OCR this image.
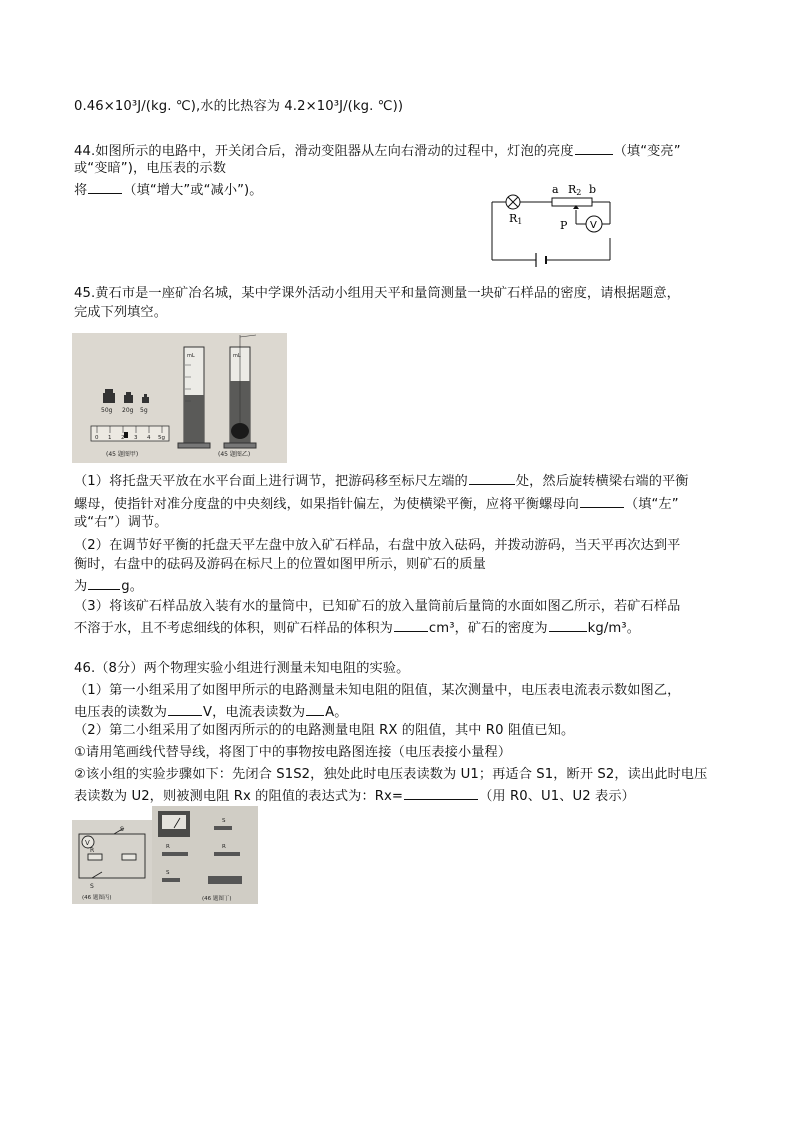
0.46×10³J/(kg. ℃),水的比热容为 4.2×10³J/(kg. ℃))
44.如图所示的电路中，开关闭合后，滑动变阻器从左向右滑动的过程中，灯泡的亮度	（填“变亮”
或“变暗”)，电压表的示数
将	（填“增大”或“减小”)。	a R2 b
R1	P V
45.黄石市是一座矿冶名城，某中学课外活动小组用天平和量筒测量一块矿石样品的密度，请根据题意，
完成下列填空。
50g 20g 5g
0 1 2 3 4 5g
(45 题图甲)
mL	mL
(45 题图乙)
（1）将托盘天平放在水平台面上进行调节，把游码移至标尺左端的	处，然后旋转横梁右端的平衡
螺母，使指针对准分度盘的中央刻线，如果指针偏左，为使横梁平衡，应将平衡螺母向	（填“左”
或“右”）调节。
（2）在调节好平衡的托盘天平左盘中放入矿石样品，右盘中放入砝码，并拨动游码，当天平再次达到平
衡时，右盘中的砝码及游码在标尺上的位置如图甲所示，则矿石的质量
为	g。
（3）将该矿石样品放入装有水的量筒中，已知矿石的放入量筒前后量筒的水面如图乙所示，若矿石样品
不溶于水，且不考虑细线的体积，则矿石样品的体积为	cm³，矿石的密度为	kg/m³。
46.（8分）两个物理实验小组进行测量未知电阻的实验。
（1）第一小组采用了如图甲所示的电路测量未知电阻的阻值，某次测量中，电压表电流表示数如图乙，
电压表的读数为	V，电流表读数为 A。
（2）第二小组采用了如图丙所示的的电路测量电阻 RX 的阻值，其中 R0 阻值已知。
①请用笔画线代替导线，将图丁中的事物按电路图连接（电压表接小量程）
②该小组的实验步骤如下：先闭合 S1S2，独处此时电压表读数为 U1；再适合 S1，断开 S2，读出此时电压
表读数为 U2，则被测电阻 Rx 的阻值的表达式为：Rx=	（用 R0、U1、U2 表示）
V
S
R
S
(46 题图丙)
S
R	R
S
(46 题图丁)
